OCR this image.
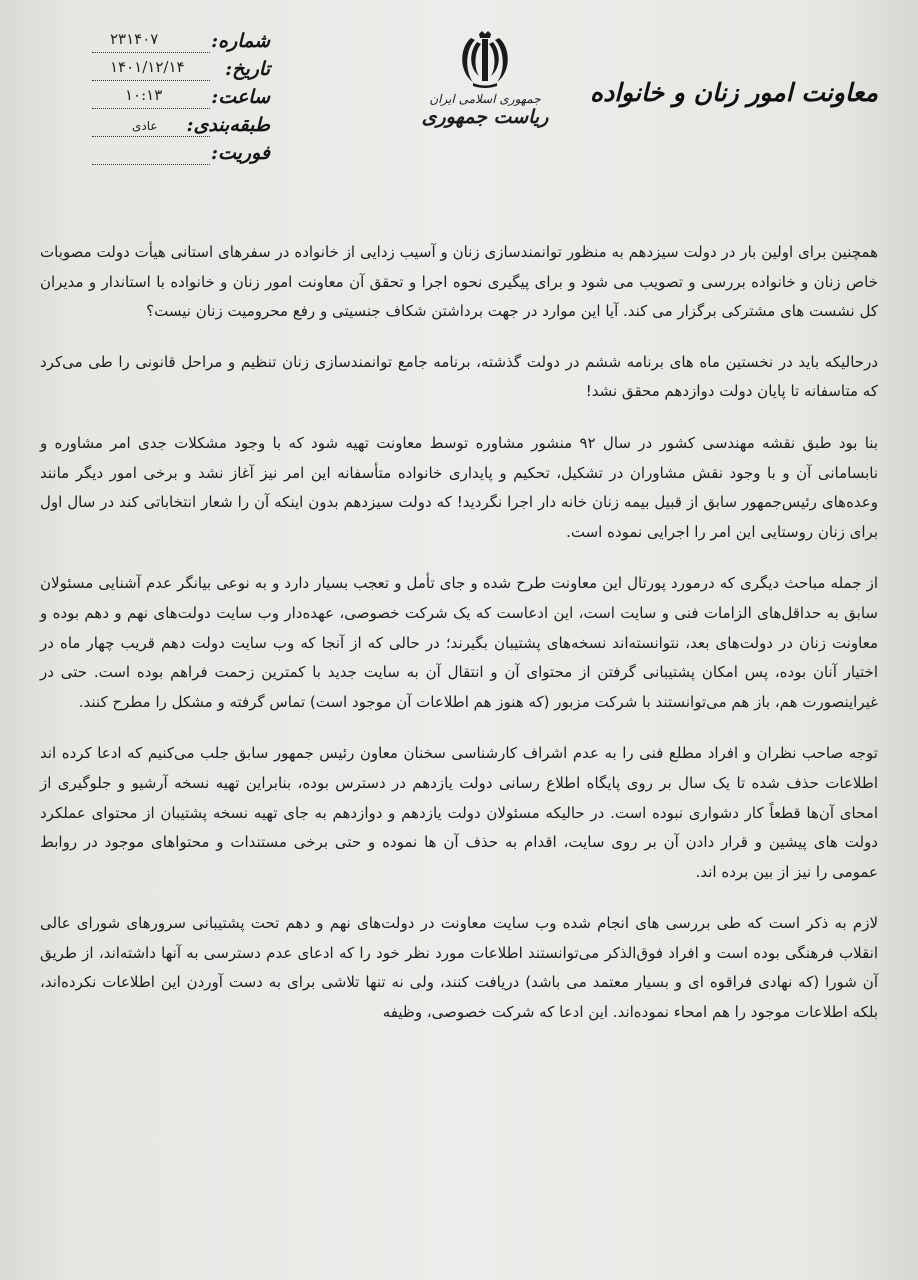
شماره:
۲۳۱۴۰۷
تاریخ:
۱۴۰۱/۱۲/۱۴
ساعت:
۱۰:۱۳
طبقه‌بندی:
عادی
فوریت:
جمهوری اسلامی ایران
ریاست جمهوری
معاونت امور زنان و خانواده

همچنین برای اولین بار در دولت سیزدهم به منظور توانمندسازی زنان و آسیب زدایی از خانواده در سفرهای استانی هیأت دولت مصوبات خاص زنان و خانواده بررسی و تصویب می شود و برای پیگیری نحوه اجرا و تحقق آن معاونت امور زنان و خانواده با استاندار و مدیران کل نشست های مشترکی برگزار می کند. آیا این موارد در جهت برداشتن شکاف جنسیتی و رفع محرومیت زنان نیست؟

درحالیکه باید در نخستین ماه های برنامه ششم در دولت گذشته، برنامه جامع توانمندسازی زنان تنظیم و مراحل قانونی را طی می‌کرد که متاسفانه تا پایان دولت دوازدهم محقق نشد!

بنا بود طبق نقشه مهندسی کشور در سال ۹۲ منشور مشاوره توسط معاونت تهیه شود که با وجود مشکلات جدی امر مشاوره و نابسامانی آن و با وجود نقش مشاوران در تشکیل، تحکیم و پایداری خانواده متأسفانه این امر نیز آغاز نشد و برخی امور دیگر مانند وعده‌های رئیس‌جمهور سابق از قبیل بیمه زنان خانه دار اجرا نگردید! که دولت سیزدهم بدون اینکه آن را شعار انتخاباتی کند در سال اول برای زنان روستایی این امر را اجرایی نموده است.

از جمله مباحث دیگری که درمورد پورتال این معاونت طرح شده و جای تأمل و تعجب بسیار دارد و به نوعی بیانگر عدم آشنایی مسئولان سابق به حداقل‌های الزامات فنی و سایت است، این ادعاست که یک شرکت خصوصی، عهده‌دار وب سایت دولت‌های نهم و دهم بوده و معاونت زنان در دولت‌های بعد، نتوانسته‌اند نسخه‌های پشتیبان بگیرند؛ در حالی که از آنجا که وب سایت دولت دهم قریب چهار ماه در اختیار آنان بوده، پس امکان پشتیبانی گرفتن از محتوای آن و انتقال آن به سایت جدید با کمترین زحمت فراهم بوده است. حتی در غیراینصورت هم، باز هم می‌توانستند با شرکت مزبور (که هنوز هم اطلاعات آن موجود است) تماس گرفته و مشکل را مطرح کنند.

توجه صاحب نظران و افراد مطلع فنی را به عدم اشراف کارشناسی سخنان معاون رئیس جمهور سابق جلب می‌کنیم که ادعا کرده اند اطلاعات حذف شده تا یک سال بر روی پایگاه اطلاع رسانی دولت یازدهم در دسترس بوده، بنابراین تهیه نسخه آرشیو و جلوگیری از امحای آن‌ها قطعاً کار دشواری نبوده است. در حالیکه مسئولان دولت یازدهم و دوازدهم به جای تهیه نسخه پشتیبان از محتوای عملکرد دولت های پیشین و قرار دادن آن بر روی سایت، اقدام به حذف آن ها نموده و حتی برخی مستندات و محتواهای موجود در روابط عمومی را نیز از بین برده اند.

لازم به ذکر است که طی بررسی های انجام شده وب سایت معاونت در دولت‌های نهم و دهم تحت پشتیبانی سرورهای شورای عالی انقلاب فرهنگی بوده است و افراد فوق‌الذکر می‌توانستند اطلاعات مورد نظر خود را که ادعای عدم دسترسی به آنها داشته‌اند، از طریق آن شورا (که نهادی فراقوه ای و بسیار معتمد می باشد) دریافت کنند، ولی نه تنها تلاشی برای به دست آوردن این اطلاعات نکرده‌اند، بلکه اطلاعات موجود را هم امحاء نموده‌اند. این ادعا که شرکت خصوصی، وظیفه
